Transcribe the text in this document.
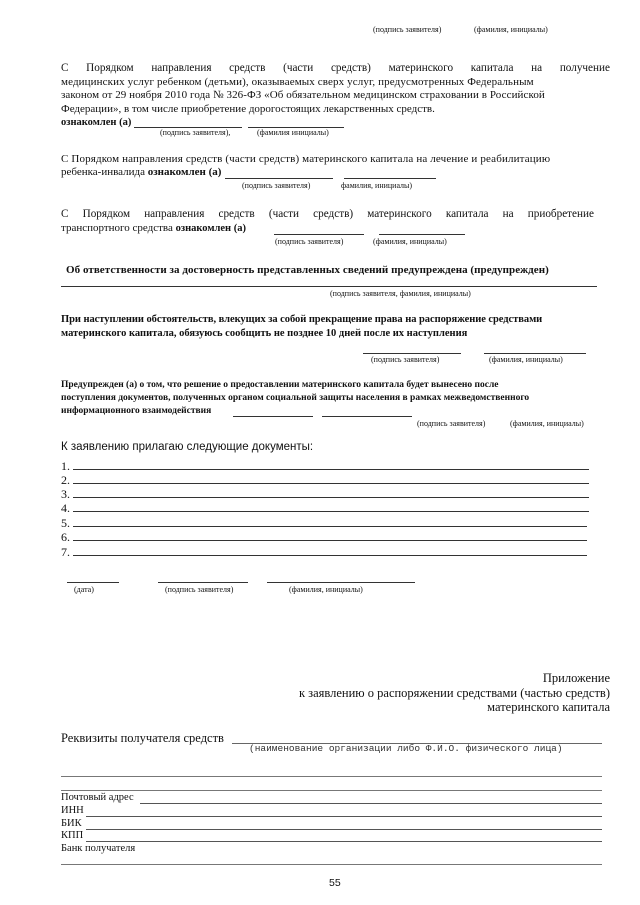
(подпись заявителя)	(фамилия, инициалы)
С Порядком направления средств (части средств) материнского капитала на получение
медицинских услуг ребенком (детьми), оказываемых сверх услуг, предусмотренных Федеральным
законом от 29 ноября 2010 года № 326-ФЗ «Об обязательном медицинском страховании в Российской
Федерации», в том числе приобретение дорогостоящих лекарственных средств.
ознакомлен (а)
(подпись заявителя),	(фамилия инициалы)
С Порядком направления средств (части средств) материнского капитала на лечение и реабилитацию
ребенка-инвалида ознакомлен (а)
(подпись заявителя)	фамилия, инициалы)
С Порядком направления средств (части средств) материнского капитала на приобретение
транспортного средства ознакомлен (а)
(подпись заявителя)	(фамилия, инициалы)
Об ответственности за достоверность представленных сведений предупреждена (предупрежден)
(подпись заявителя, фамилия, инициалы)
При наступлении обстоятельств, влекущих за собой прекращение права на распоряжение средствами
материнского капитала, обязуюсь сообщить не позднее 10 дней после их наступления
(подпись заявителя)	(фамилия, инициалы)
Предупрежден (а) о том, что решение о предоставлении материнского капитала будет вынесено после
поступления документов, полученных органом социальной защиты населения в рамках межведомственного
информационного взаимодействия
(подпись заявителя)	(фамилия, инициалы)
К заявлению прилагаю следующие документы:
1.
2.
3.
4.
5.
6.
7.
(дата)	(подпись заявителя)	(фамилия, инициалы)
Приложение
к заявлению о распоряжении средствами (частью средств)
материнского капитала
Реквизиты получателя средств
(наименование организации либо Ф.И.О. физического лица)
Почтовый адрес
ИНН
БИК
КПП
Банк получателя
55
